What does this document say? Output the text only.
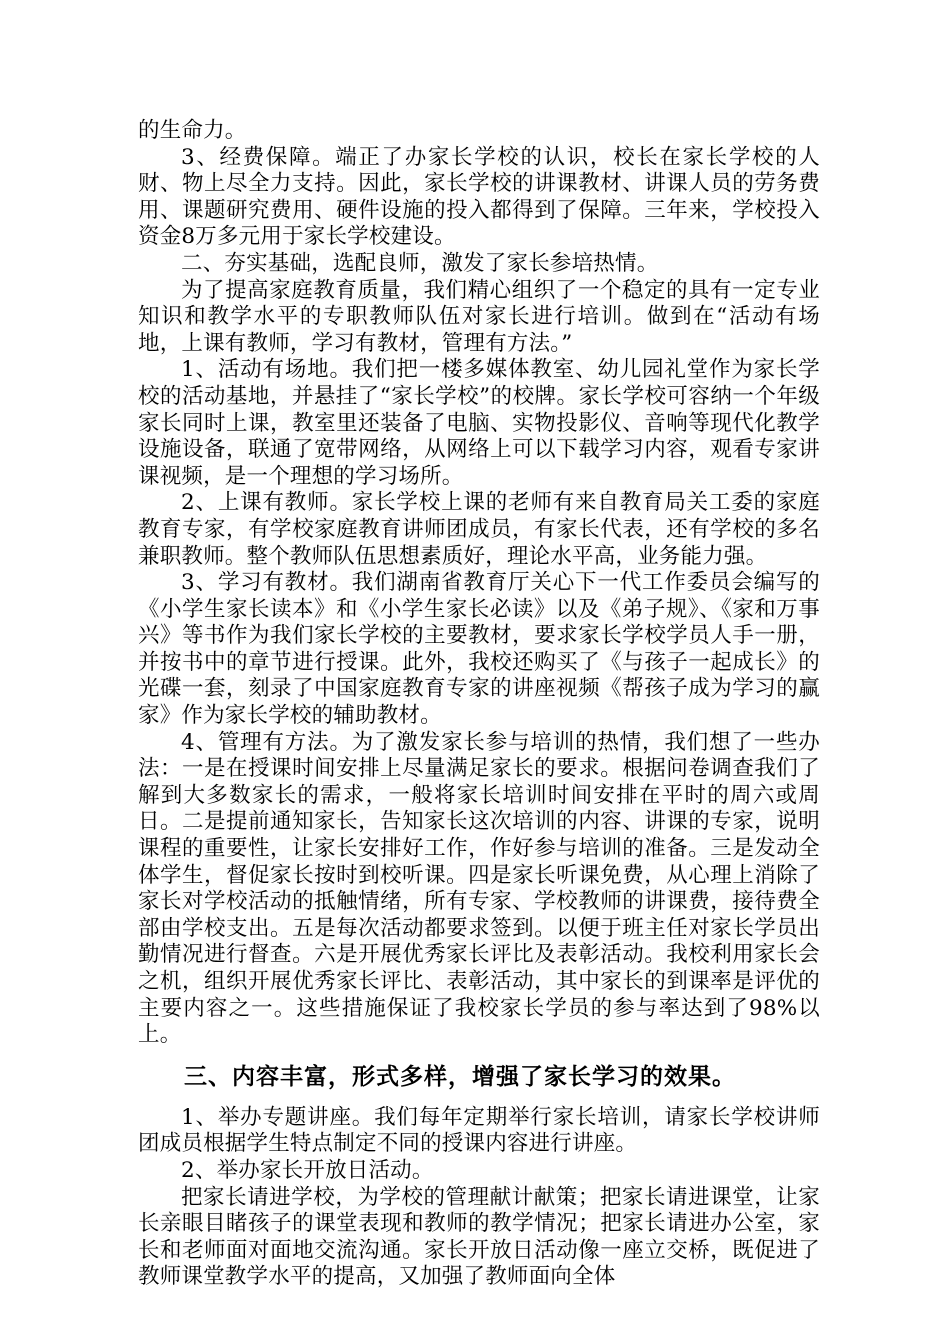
的生命力。

3、经费保障。端正了办家长学校的认识，校长在家长学校的人财、物上尽全力支持。因此，家长学校的讲课教材、讲课人员的劳务费用、课题研究费用、硬件设施的投入都得到了保障。三年来，学校投入资金8万多元用于家长学校建设。

二、夯实基础，选配良师，激发了家长参培热情。

为了提高家庭教育质量，我们精心组织了一个稳定的具有一定专业知识和教学水平的专职教师队伍对家长进行培训。做到在“活动有场地，上课有教师，学习有教材，管理有方法。”

1、活动有场地。我们把一楼多媒体教室、幼儿园礼堂作为家长学校的活动基地，并悬挂了“家长学校”的校牌。家长学校可容纳一个年级家长同时上课，教室里还装备了电脑、实物投影仪、音响等现代化教学设施设备，联通了宽带网络，从网络上可以下载学习内容，观看专家讲课视频，是一个理想的学习场所。

2、上课有教师。家长学校上课的老师有来自教育局关工委的家庭教育专家，有学校家庭教育讲师团成员，有家长代表，还有学校的多名兼职教师。整个教师队伍思想素质好，理论水平高，业务能力强。

3、学习有教材。我们湖南省教育厅关心下一代工作委员会编写的《小学生家长读本》和《小学生家长必读》以及《弟子规》、《家和万事兴》等书作为我们家长学校的主要教材，要求家长学校学员人手一册，并按书中的章节进行授课。此外，我校还购买了《与孩子一起成长》的光碟一套，刻录了中国家庭教育专家的讲座视频《帮孩子成为学习的赢家》作为家长学校的辅助教材。

4、管理有方法。为了激发家长参与培训的热情，我们想了一些办法：一是在授课时间安排上尽量满足家长的要求。根据问卷调查我们了解到大多数家长的需求，一般将家长培训时间安排在平时的周六或周日。二是提前通知家长，告知家长这次培训的内容、讲课的专家，说明课程的重要性，让家长安排好工作，作好参与培训的准备。三是发动全体学生，督促家长按时到校听课。四是家长听课免费，从心理上消除了家长对学校活动的抵触情绪，所有专家、学校教师的讲课费，接待费全部由学校支出。五是每次活动都要求签到。以便于班主任对家长学员出勤情况进行督查。六是开展优秀家长评比及表彰活动。我校利用家长会之机，组织开展优秀家长评比、表彰活动，其中家长的到课率是评优的主要内容之一。这些措施保证了我校家长学员的参与率达到了98%以上。

三、内容丰富，形式多样，增强了家长学习的效果。

1、举办专题讲座。我们每年定期举行家长培训，请家长学校讲师团成员根据学生特点制定不同的授课内容进行讲座。

2、举办家长开放日活动。

把家长请进学校，为学校的管理献计献策；把家长请进课堂，让家长亲眼目睹孩子的课堂表现和教师的教学情况；把家长请进办公室，家长和老师面对面地交流沟通。家长开放日活动像一座立交桥，既促进了教师课堂教学水平的提高，又加强了教师面向全体
